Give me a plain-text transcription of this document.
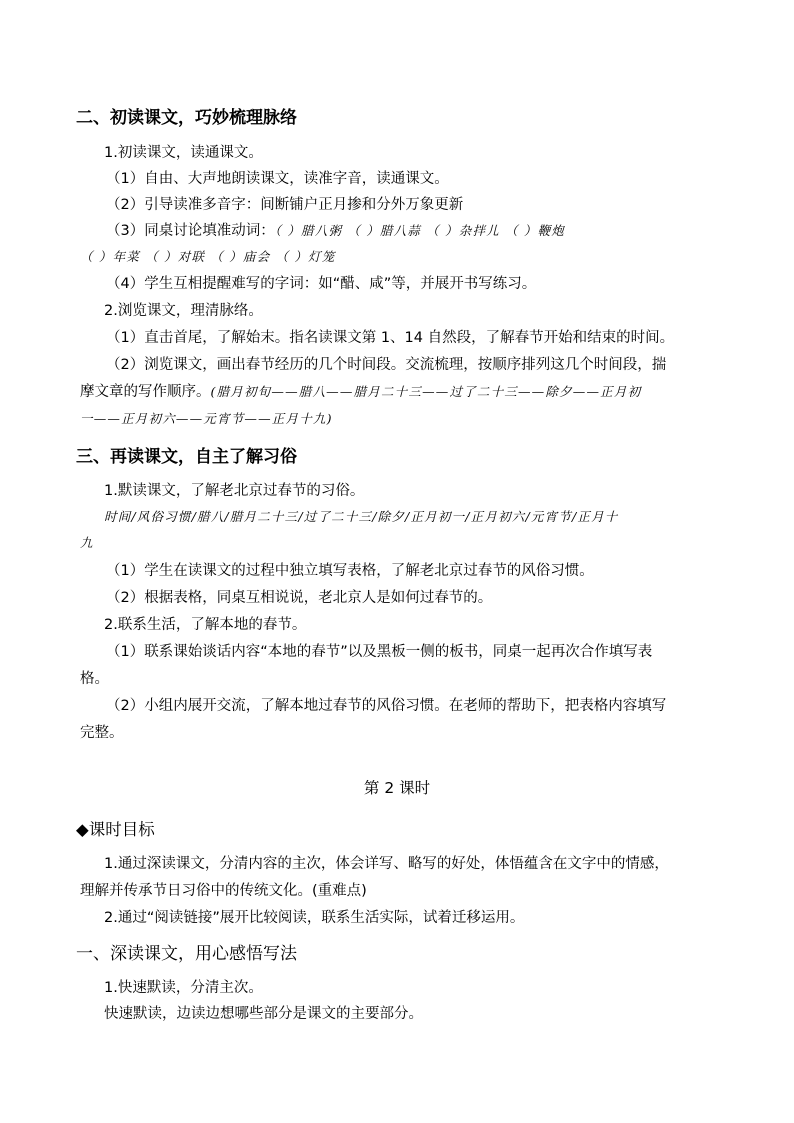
二、初读课文，巧妙梳理脉络
1.初读课文，读通课文。
（1）自由、大声地朗读课文，读准字音，读通课文。
（2）引导读准多音字：间断铺户正月掺和分外万象更新
（3）同桌讨论填准动词：（ ）腊八粥 （ ）腊八蒜 （ ）杂拌儿 （ ）鞭炮
（ ）年菜 （ ）对联 （ ）庙会 （ ）灯笼
（4）学生互相提醒难写的字词：如“醋、咸”等，并展开书写练习。
2.浏览课文，理清脉络。
（1）直击首尾，了解始末。指名读课文第 1、14 自然段，了解春节开始和结束的时间。
（2）浏览课文，画出春节经历的几个时间段。交流梳理，按顺序排列这几个时间段，揣
摩文章的写作顺序。(腊月初旬——腊八——腊月二十三——过了二十三——除夕——正月初
一——正月初六——元宵节——正月十九)
三、再读课文，自主了解习俗
1.默读课文，了解老北京过春节的习俗。
时间/风俗习惯/腊八/腊月二十三/过了二十三/除夕/正月初一/正月初六/元宵节/正月十
九
（1）学生在读课文的过程中独立填写表格，了解老北京过春节的风俗习惯。
（2）根据表格，同桌互相说说，老北京人是如何过春节的。
2.联系生活，了解本地的春节。
（1）联系课始谈话内容“本地的春节”以及黑板一侧的板书，同桌一起再次合作填写表
格。
（2）小组内展开交流，了解本地过春节的风俗习惯。在老师的帮助下，把表格内容填写
完整。
第 2 课时
◆课时目标
1.通过深读课文，分清内容的主次，体会详写、略写的好处，体悟蕴含在文字中的情感，
理解并传承节日习俗中的传统文化。(重难点)
2.通过“阅读链接”展开比较阅读，联系生活实际，试着迁移运用。
一、深读课文，用心感悟写法
1.快速默读，分清主次。
快速默读，边读边想哪些部分是课文的主要部分。
